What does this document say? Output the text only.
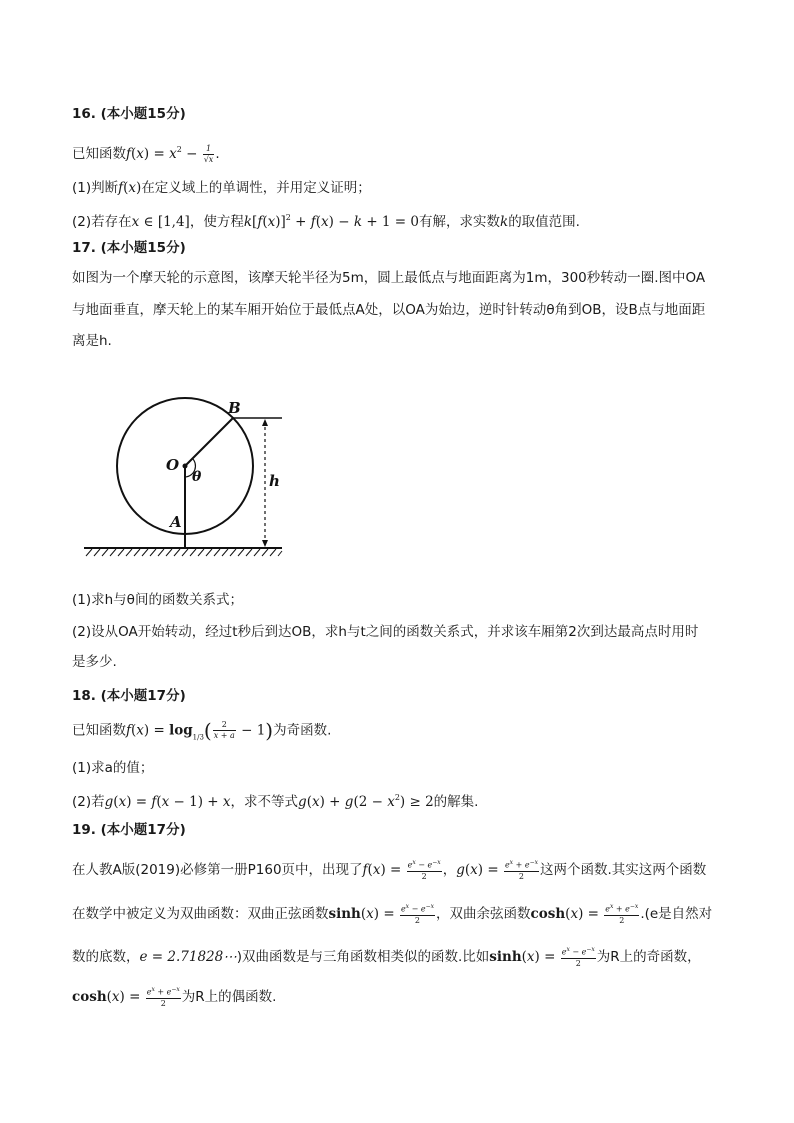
16. (本小题15分)
已知函数$f(x) = x^2 - \frac{1}{√x}$ .
(1)判断f(x)在定义域上的单调性，并用定义证明；
(2)若存在x ∈ [1,4]，使方程$k[f(x)]^2 + f(x) - k + 1 = 0$有解，求实数k的取值范围.
17. (本小题15分)
如图为一个摩天轮的示意图，该摩天轮半径为5m，圆上最低点与地面距离为1m，300秒转动一圈.图中OA
与地面垂直，摩天轮上的某车厢开始位于最低点A处，以OA为始边，逆时针转动θ角到OB，设B点与地面距
离是h.
B
O
θ
A
h
(1)求h与θ间的函数关系式；
(2)设从OA开始转动，经过t秒后到达OB，求h与t之间的函数关系式，并求该车厢第2次到达最高点时用时
是多少.
18. (本小题17分)
已知函数$f(x) = \log_{1/3}( \frac{2}{x + a} - 1)$为奇函数.
(1)求a的值；
(2)若g(x) = f(x − 1) + x，求不等式$g(x) + g(2 - x^2) \ge 2$的解集.
19. (本小题17分)
在人教A版(2019)必修第一册P160页中，出现了$f(x) = \frac{e^x - e^{-x}}{2}$ ，$g(x) = \frac{e^x + e^{-x}}{2}$ 这两个函数.其实这两个函数
在数学中被定义为双曲函数：双曲正弦函数$\sinh(x) = \frac{e^x - e^{-x}}{2}$ ，双曲余弦函数$\cosh(x) = \frac{e^x + e^{-x}}{2} .(e$是自然对
数的底数，e = 2.71828⋯)双曲函数是与三角函数相类似的函数.比如$\sinh(x) = \frac{e^x - e^{-x}}{2}$ 为R上的奇函数，
$\cosh(x) = \frac{e^x + e^{-x}}{2}$ 为R上的偶函数.
